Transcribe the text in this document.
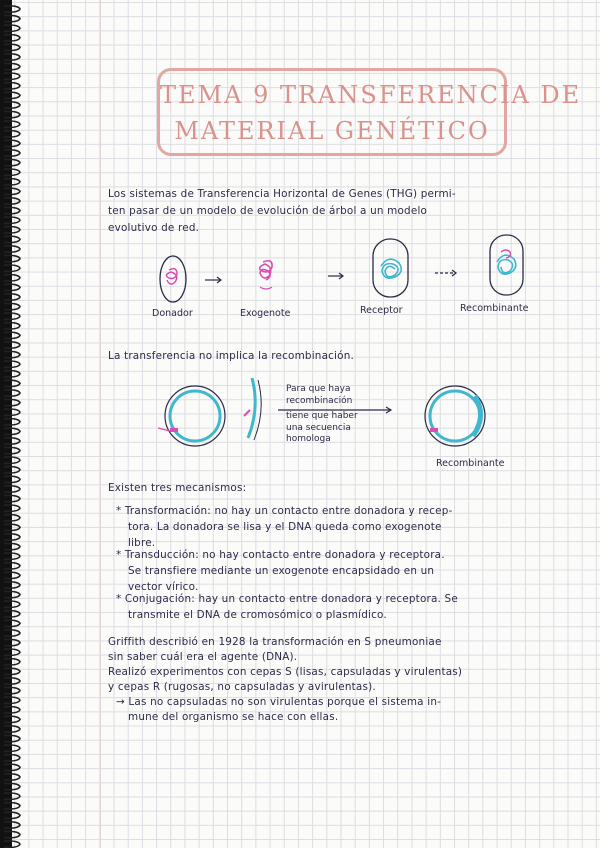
TEMA 9 TRANSFERENCIA DE
MATERIAL GENÉTICO
Los sistemas de Transferencia Horizontal de Genes (THG) permi-
ten pasar de un modelo de evolución de árbol a un modelo
evolutivo de red.
Donador	Exogenote	Receptor	Recombinante
La transferencia no implica la recombinación.
Para que haya
recombinación
tiene que haber
una secuencia
homologa
Recombinante
Existen tres mecanismos:
* Transformación: no hay un contacto entre donadora y recep-
tora. La donadora se lisa y el DNA queda como exogenote
libre.
* Transducción: no hay contacto entre donadora y receptora.
Se transfiere mediante un exogenote encapsidado en un
vector vírico.
* Conjugación: hay un contacto entre donadora y receptora. Se
transmite el DNA de cromosómico o plasmídico.
Griffith describió en 1928 la transformación en S pneumoniae
sin saber cuál era el agente (DNA).
Realizó experimentos con cepas S (lisas, capsuladas y virulentas)
y cepas R (rugosas, no capsuladas y avirulentas).
→ Las no capsuladas no son virulentas porque el sistema in-
mune del organismo se hace con ellas.
